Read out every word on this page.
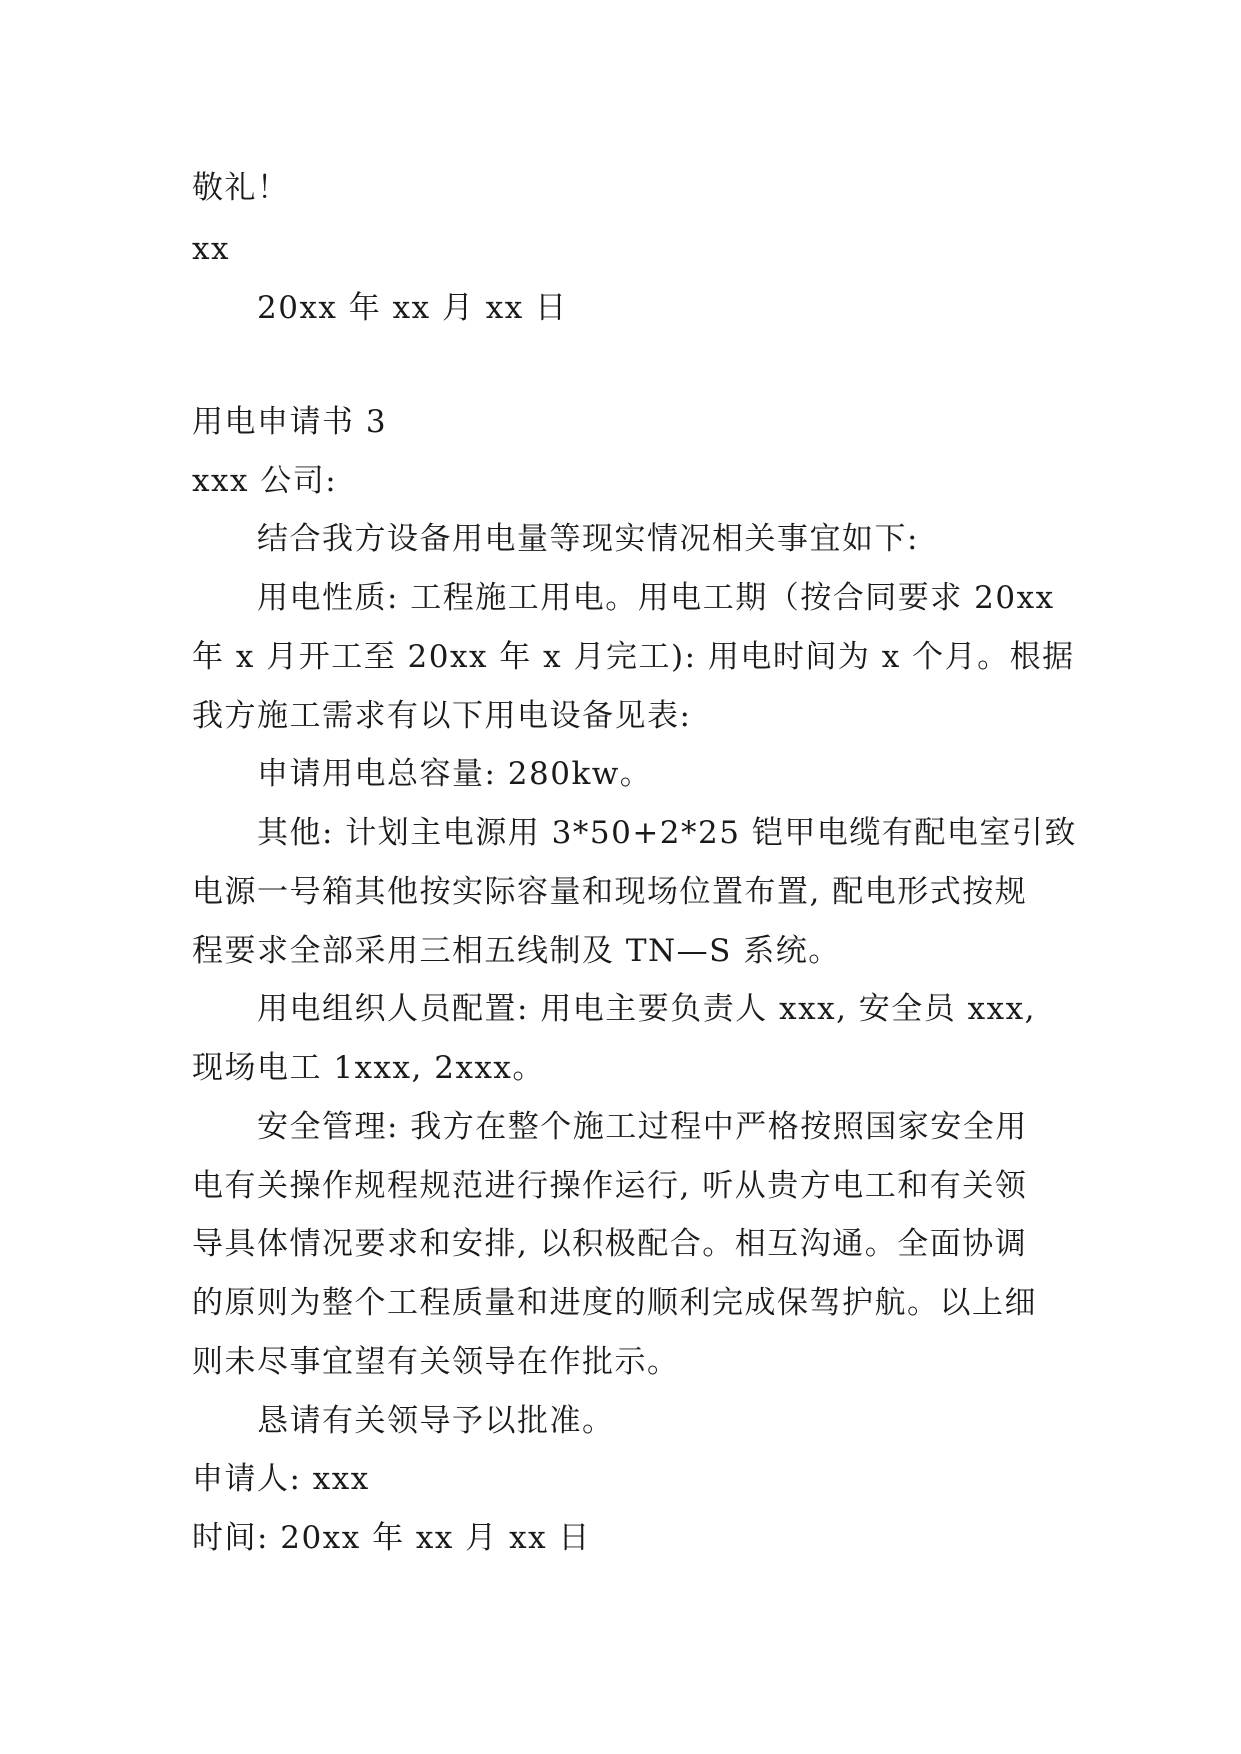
敬礼！
xx
20xx 年 xx 月 xx 日
用电申请书 3
xxx 公司:
结合我方设备用电量等现实情况相关事宜如下:
用电性质: 工程施工用电。用电工期（按合同要求 20xx
年 x 月开工至 20xx 年 x 月完工): 用电时间为 x 个月。根据
我方施工需求有以下用电设备见表:
申请用电总容量: 280kw。
其他: 计划主电源用 3*50+2*25 铠甲电缆有配电室引致
电源一号箱其他按实际容量和现场位置布置, 配电形式按规
程要求全部采用三相五线制及 TN—S 系统。
用电组织人员配置: 用电主要负责人 xxx, 安全员 xxx,
现场电工 1xxx, 2xxx。
安全管理: 我方在整个施工过程中严格按照国家安全用
电有关操作规程规范进行操作运行, 听从贵方电工和有关领
导具体情况要求和安排, 以积极配合。相互沟通。全面协调
的原则为整个工程质量和进度的顺利完成保驾护航。以上细
则未尽事宜望有关领导在作批示。
恳请有关领导予以批准。
申请人: xxx
时间: 20xx 年 xx 月 xx 日
